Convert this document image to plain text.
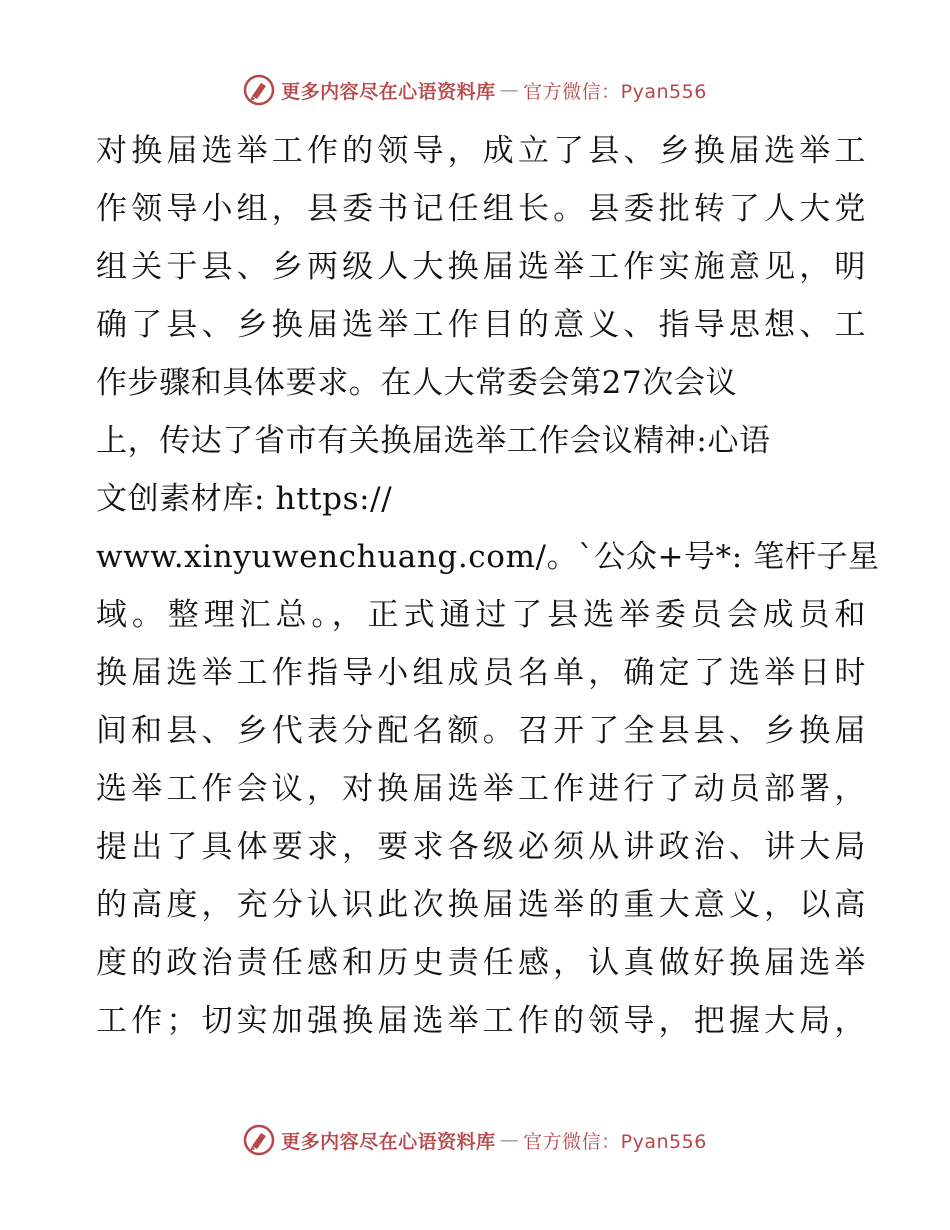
更多内容尽在心语资料库 — 官方微信：Pyan556
对换届选举工作的领导，成立了县、乡换届选举工
作领导小组，县委书记任组长。县委批转了人大党
组关于县、乡两级人大换届选举工作实施意见，明
确了县、乡换届选举工作目的意义、指导思想、工
作步骤和具体要求。在人大常委会第27次会议
上，传达了省市有关换届选举工作会议精神:心语
文创素材库: https://
www.xinyuwenchuang.com/。`公众+号*: 笔杆子星
域。整理汇总。，正式通过了县选举委员会成员和
换届选举工作指导小组成员名单，确定了选举日时
间和县、乡代表分配名额。召开了全县县、乡换届
选举工作会议，对换届选举工作进行了动员部署，
提出了具体要求，要求各级必须从讲政治、讲大局
的高度，充分认识此次换届选举的重大意义，以高
度的政治责任感和历史责任感，认真做好换届选举
工作；切实加强换届选举工作的领导，把握大局，
更多内容尽在心语资料库 — 官方微信：Pyan556
